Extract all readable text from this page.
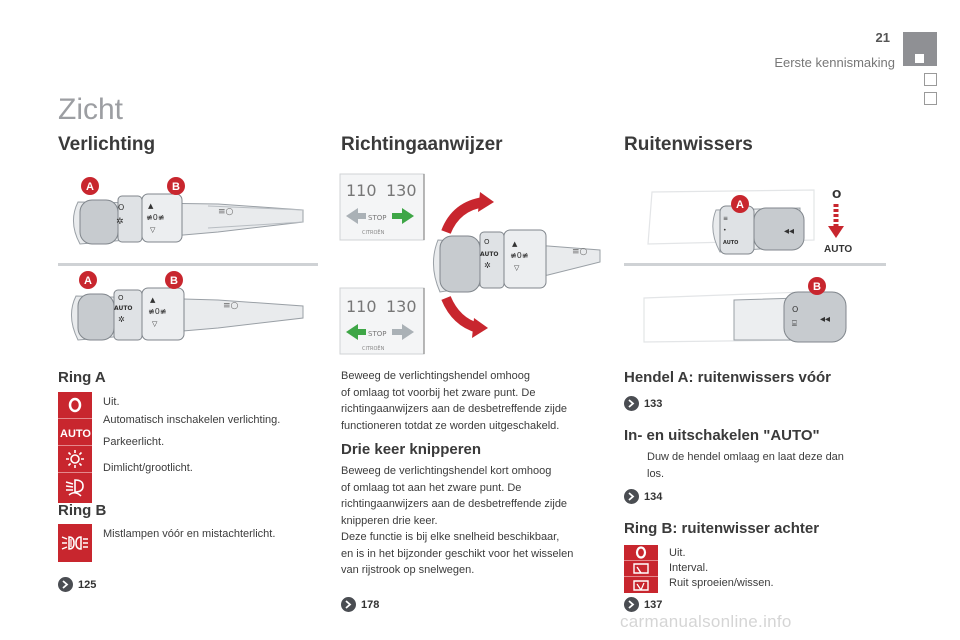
21
Eerste kennismaking
Zicht
Verlichting
O
✲
▲
≢0≢
▽
≡○
A	B
O
AUTO
✲
▲
≢0≢
▽
≡○
A	B
Ring A
AUTO
Uit.
Automatisch inschakelen verlichting.
Parkeerlicht.
Dimlicht/grootlicht.
Ring B
Mistlampen vóór en mistachterlicht.
125
Richtingaanwijzer
110 130
STOP
CITROËN
110 130
STOP
CITROËN
O
AUTO
✲
▲
≢0≢
▽
≡○
Beweeg de verlichtingshendel omhoog
of omlaag tot voorbij het zware punt. De
richtingaanwijzers aan de desbetreffende zijde
functioneren totdat ze worden uitgeschakeld.
Drie keer knipperen
Beweeg de verlichtingshendel kort omhoog
of omlaag tot aan het zware punt. De
richtingaanwijzers aan de desbetreffende zijde
knipperen drie keer.
Deze functie is bij elke snelheid beschikbaar,
en is in het bijzonder geschikt voor het wisselen
van rijstrook op snelwegen.
178
Ruitenwissers
≡
•
AUTO
◂◂
A
O
AUTO
O
⌸ ◂◂
B
Hendel A: ruitenwissers vóór
133
In- en uitschakelen "AUTO"
Duw de hendel omlaag en laat deze dan
los.
134
Ring B: ruitenwisser achter
Uit.
Interval.
Ruit sproeien/wissen.
137
carmanualsonline.info
